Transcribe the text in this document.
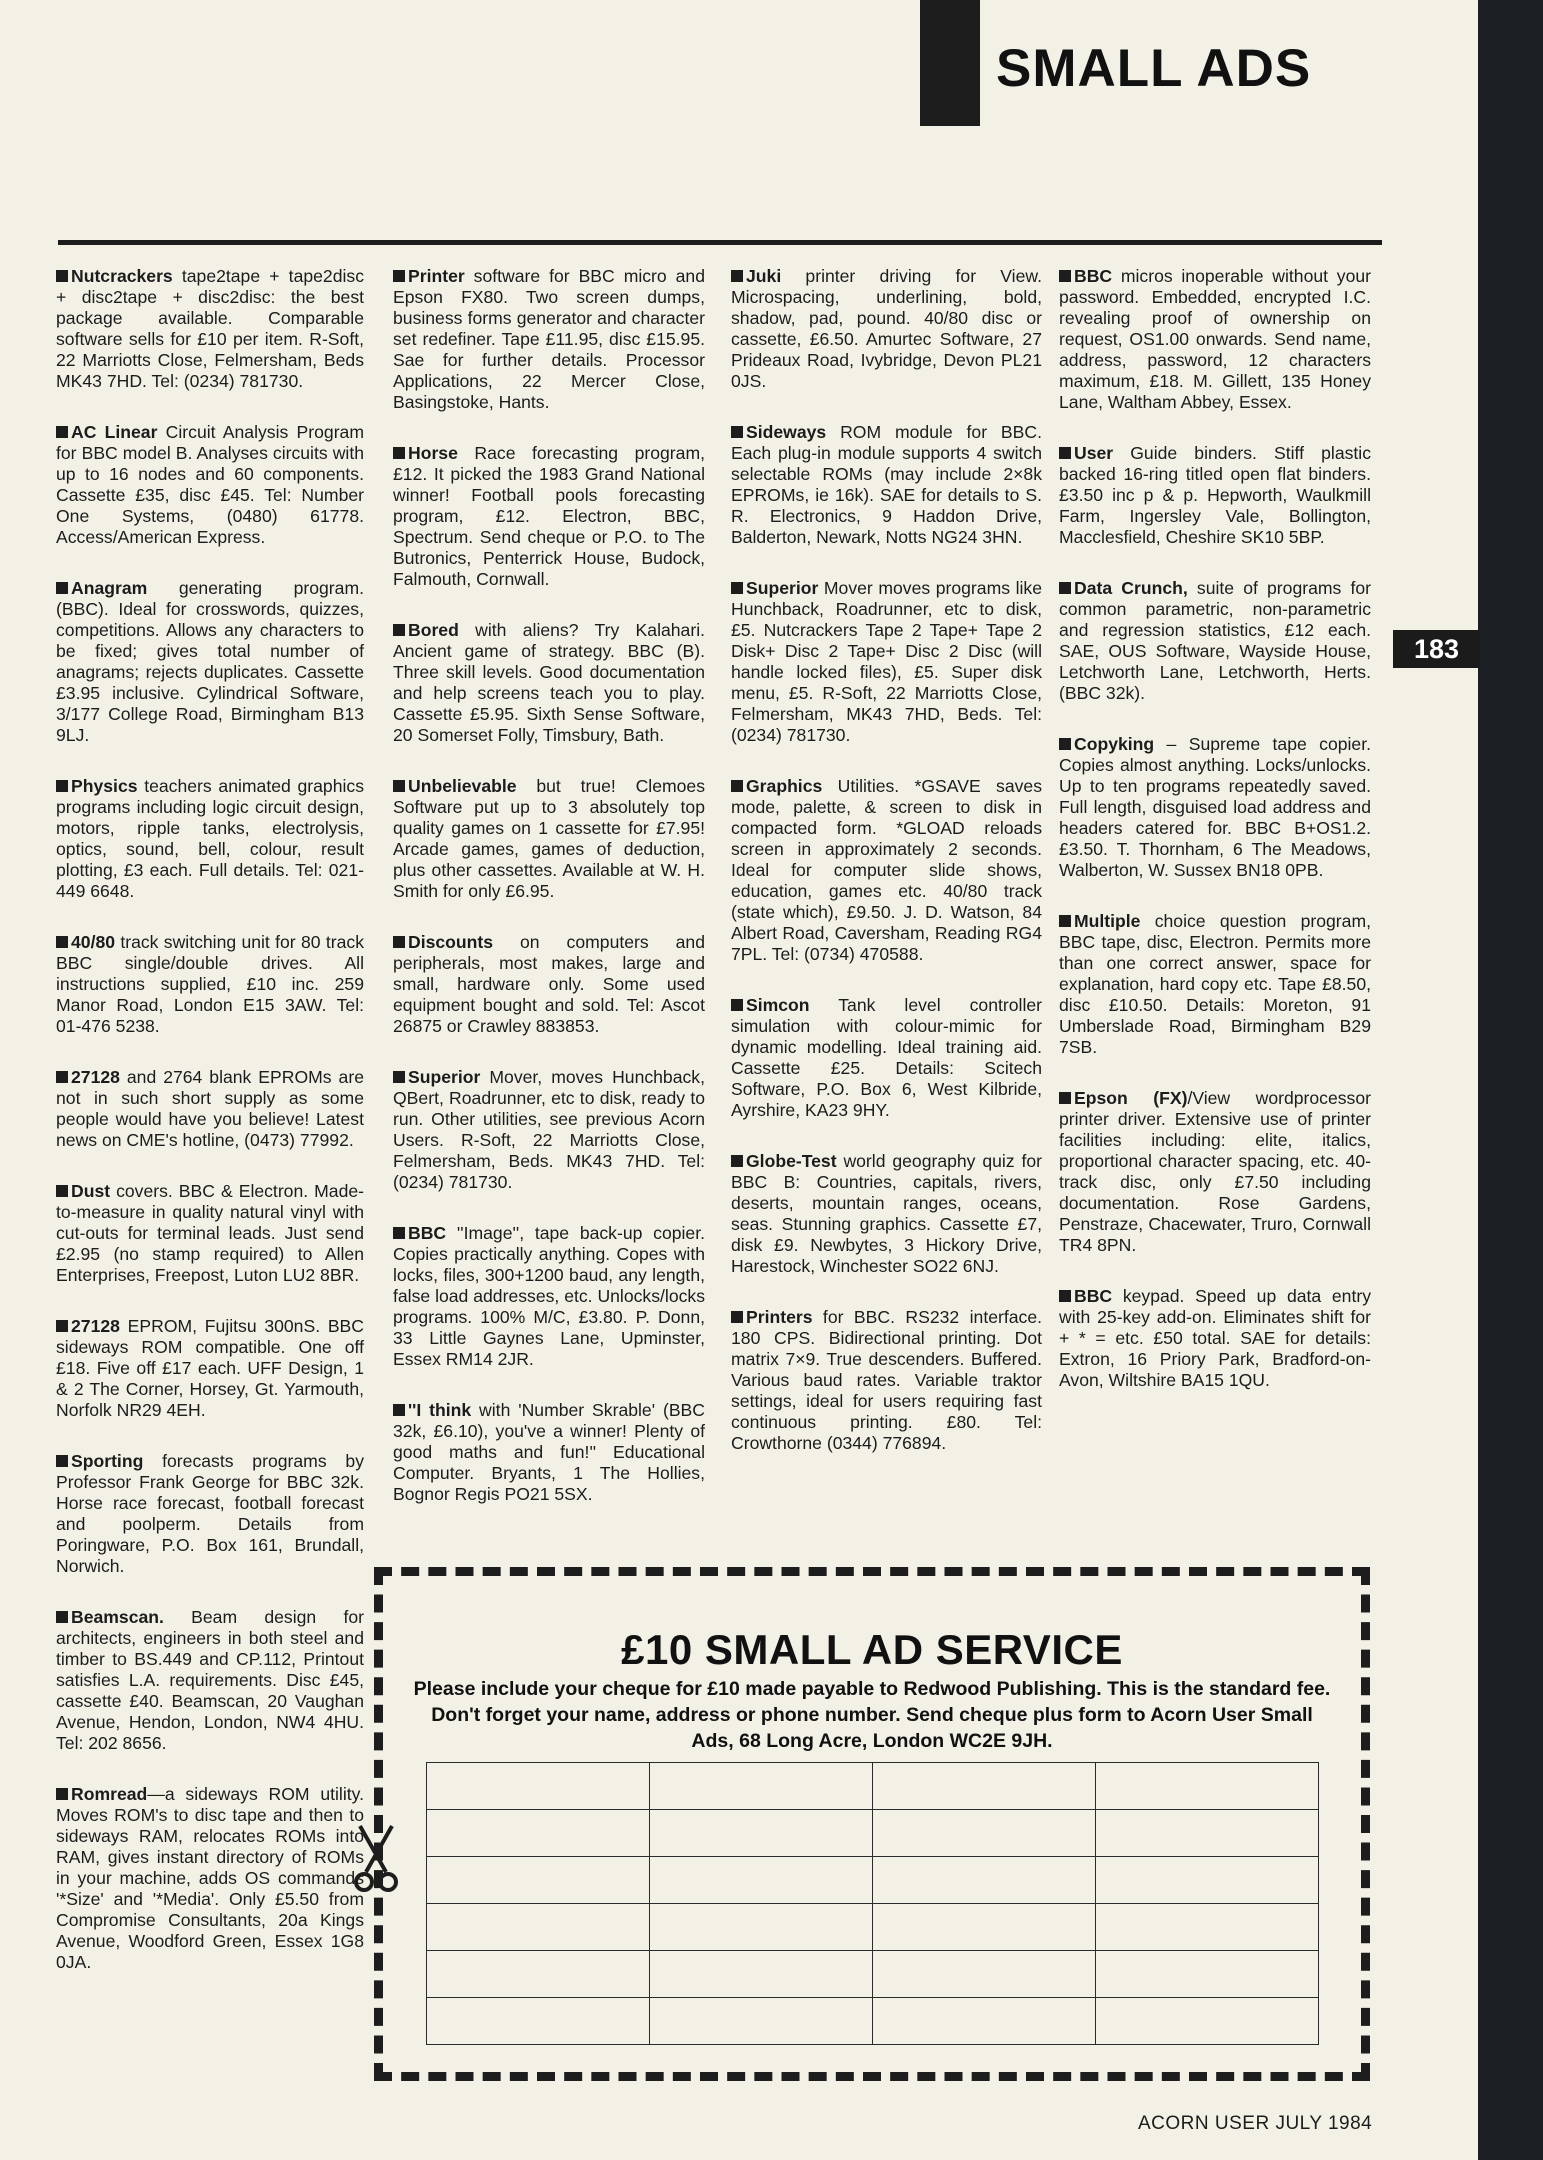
SMALL ADS
183

Nutcrackers tape2tape + tape2disc + disc2tape + disc2disc: the best package available. Comparable software sells for £10 per item. R-Soft, 22 Marriotts Close, Felmersham, Beds MK43 7HD. Tel: (0234) 781730.

AC Linear Circuit Analysis Program for BBC model B. Analyses circuits with up to 16 nodes and 60 components. Cassette £35, disc £45. Tel: Number One Systems, (0480) 61778. Access/American Express.

Anagram generating program. (BBC). Ideal for crosswords, quizzes, competitions. Allows any characters to be fixed; gives total number of anagrams; rejects duplicates. Cassette £3.95 inclusive. Cylindrical Software, 3/177 College Road, Birmingham B13 9LJ.

Physics teachers animated graphics programs including logic circuit design, motors, ripple tanks, electrolysis, optics, sound, bell, colour, result plotting, £3 each. Full details. Tel: 021-449 6648.

40/80 track switching unit for 80 track BBC single/double drives. All instructions supplied, £10 inc. 259 Manor Road, London E15 3AW. Tel: 01-476 5238.

27128 and 2764 blank EPROMs are not in such short supply as some people would have you believe! Latest news on CME's hotline, (0473) 77992.

Dust covers. BBC & Electron. Made-to-measure in quality natural vinyl with cut-outs for terminal leads. Just send £2.95 (no stamp required) to Allen Enterprises, Freepost, Luton LU2 8BR.

27128 EPROM, Fujitsu 300nS. BBC sideways ROM compatible. One off £18. Five off £17 each. UFF Design, 1 & 2 The Corner, Horsey, Gt. Yarmouth, Norfolk NR29 4EH.

Sporting forecasts programs by Professor Frank George for BBC 32k. Horse race forecast, football forecast and poolperm. Details from Poringware, P.O. Box 161, Brundall, Norwich.

Beamscan. Beam design for architects, engineers in both steel and timber to BS.449 and CP.112, Printout satisfies L.A. requirements. Disc £45, cassette £40. Beamscan, 20 Vaughan Avenue, Hendon, London, NW4 4HU. Tel: 202 8656.

Romread—a sideways ROM utility. Moves ROM's to disc tape and then to sideways RAM, relocates ROMs into RAM, gives instant directory of ROMs in your machine, adds OS commands '*Size' and '*Media'. Only £5.50 from Compromise Consultants, 20a Kings Avenue, Woodford Green, Essex 1G8 0JA.

Printer software for BBC micro and Epson FX80. Two screen dumps, business forms generator and character set redefiner. Tape £11.95, disc £15.95. Sae for further details. Processor Applications, 22 Mercer Close, Basingstoke, Hants.

Horse Race forecasting program, £12. It picked the 1983 Grand National winner! Football pools forecasting program, £12. Electron, BBC, Spectrum. Send cheque or P.O. to The Butronics, Penterrick House, Budock, Falmouth, Cornwall.

Bored with aliens? Try Kalahari. Ancient game of strategy. BBC (B). Three skill levels. Good documentation and help screens teach you to play. Cassette £5.95. Sixth Sense Software, 20 Somerset Folly, Timsbury, Bath.

Unbelievable but true! Clemoes Software put up to 3 absolutely top quality games on 1 cassette for £7.95! Arcade games, games of deduction, plus other cassettes. Available at W. H. Smith for only £6.95.

Discounts on computers and peripherals, most makes, large and small, hardware only. Some used equipment bought and sold. Tel: Ascot 26875 or Crawley 883853.

Superior Mover, moves Hunchback, QBert, Roadrunner, etc to disk, ready to run. Other utilities, see previous Acorn Users. R-Soft, 22 Marriotts Close, Felmersham, Beds. MK43 7HD. Tel: (0234) 781730.

BBC ''Image'', tape back-up copier. Copies practically anything. Copes with locks, files, 300+1200 baud, any length, false load addresses, etc. Unlocks/locks programs. 100% M/C, £3.80. P. Donn, 33 Little Gaynes Lane, Upminster, Essex RM14 2JR.

''I think with 'Number Skrable' (BBC 32k, £6.10), you've a winner! Plenty of good maths and fun!'' Educational Computer. Bryants, 1 The Hollies, Bognor Regis PO21 5SX.

Juki printer driving for View. Microspacing, underlining, bold, shadow, pad, pound. 40/80 disc or cassette, £6.50. Amurtec Software, 27 Prideaux Road, Ivybridge, Devon PL21 0JS.

Sideways ROM module for BBC. Each plug-in module supports 4 switch selectable ROMs (may include 2×8k EPROMs, ie 16k). SAE for details to S. R. Electronics, 9 Haddon Drive, Balderton, Newark, Notts NG24 3HN.

Superior Mover moves programs like Hunchback, Roadrunner, etc to disk, £5. Nutcrackers Tape 2 Tape+ Tape 2 Disk+ Disc 2 Tape+ Disc 2 Disc (will handle locked files), £5. Super disk menu, £5. R-Soft, 22 Marriotts Close, Felmersham, MK43 7HD, Beds. Tel: (0234) 781730.

Graphics Utilities. *GSAVE saves mode, palette, & screen to disk in compacted form. *GLOAD reloads screen in approximately 2 seconds. Ideal for computer slide shows, education, games etc. 40/80 track (state which), £9.50. J. D. Watson, 84 Albert Road, Caversham, Reading RG4 7PL. Tel: (0734) 470588.

Simcon Tank level controller simulation with colour-mimic for dynamic modelling. Ideal training aid. Cassette £25. Details: Scitech Software, P.O. Box 6, West Kilbride, Ayrshire, KA23 9HY.

Globe-Test world geography quiz for BBC B: Countries, capitals, rivers, deserts, mountain ranges, oceans, seas. Stunning graphics. Cassette £7, disk £9. Newbytes, 3 Hickory Drive, Harestock, Winchester SO22 6NJ.

Printers for BBC. RS232 interface. 180 CPS. Bidirectional printing. Dot matrix 7×9. True descenders. Buffered. Various baud rates. Variable traktor settings, ideal for users requiring fast continuous printing. £80. Tel: Crowthorne (0344) 776894.

BBC micros inoperable without your password. Embedded, encrypted I.C. revealing proof of ownership on request, OS1.00 onwards. Send name, address, password, 12 characters maximum, £18. M. Gillett, 135 Honey Lane, Waltham Abbey, Essex.

User Guide binders. Stiff plastic backed 16-ring titled open flat binders. £3.50 inc p & p. Hepworth, Waulkmill Farm, Ingersley Vale, Bollington, Macclesfield, Cheshire SK10 5BP.

Data Crunch, suite of programs for common parametric, non-parametric and regression statistics, £12 each. SAE, OUS Software, Wayside House, Letchworth Lane, Letchworth, Herts. (BBC 32k).

Copyking – Supreme tape copier. Copies almost anything. Locks/unlocks. Up to ten programs repeatedly saved. Full length, disguised load address and headers catered for. BBC B+OS1.2. £3.50. T. Thornham, 6 The Meadows, Walberton, W. Sussex BN18 0PB.

Multiple choice question program, BBC tape, disc, Electron. Permits more than one correct answer, space for explanation, hard copy etc. Tape £8.50, disc £10.50. Details: Moreton, 91 Umberslade Road, Birmingham B29 7SB.

Epson (FX)/View wordprocessor printer driver. Extensive use of printer facilities including: elite, italics, proportional character spacing, etc. 40-track disc, only £7.50 including documentation. Rose Gardens, Penstraze, Chacewater, Truro, Cornwall TR4 8PN.

BBC keypad. Speed up data entry with 25-key add-on. Eliminates shift for + * = etc. £50 total. SAE for details: Extron, 16 Priory Park, Bradford-on-Avon, Wiltshire BA15 1QU.

£10 SMALL AD SERVICE
Please include your cheque for £10 made payable to Redwood Publishing. This is the standard fee. Don't forget your name, address or phone number. Send cheque plus form to Acorn User Small Ads, 68 Long Acre, London WC2E 9JH.

ACORN USER JULY 1984
